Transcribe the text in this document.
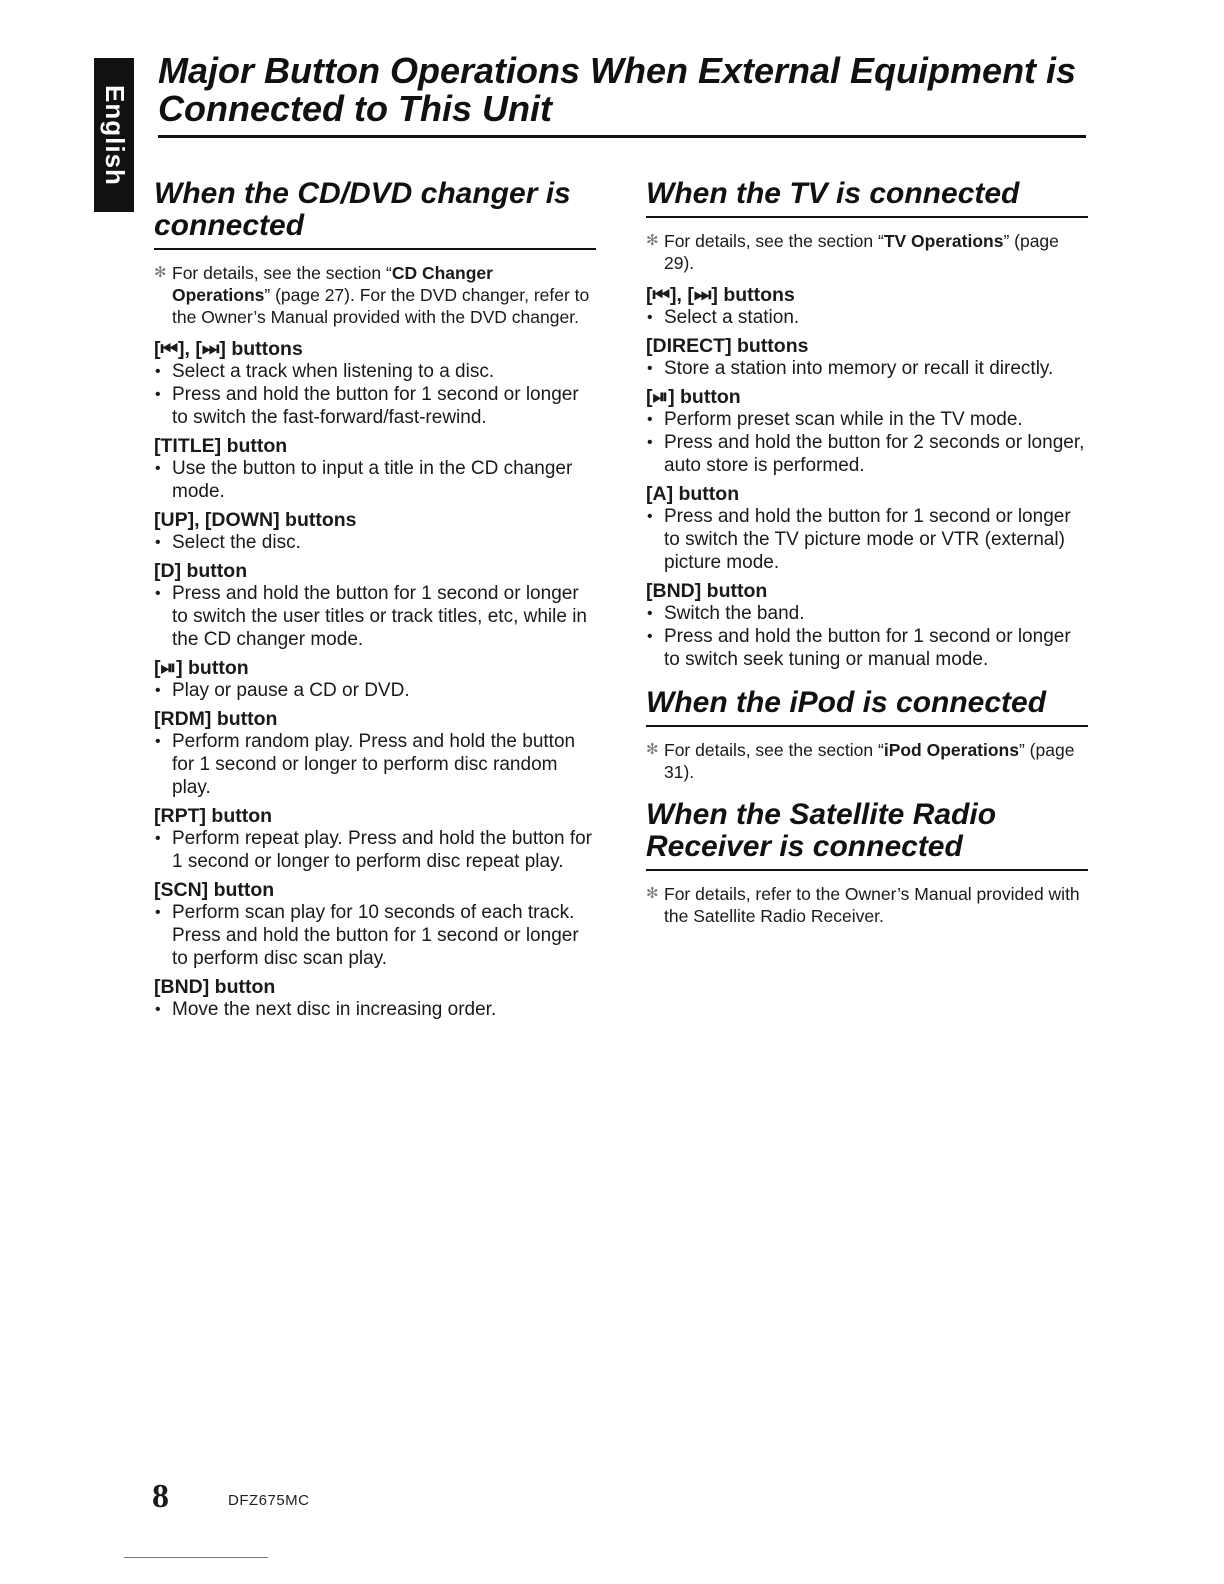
English
Major Button Operations When External Equipment is Connected to This Unit
When the CD/DVD changer is connected

✻ For details, see the section “CD Changer Operations” (page 27). For the DVD changer, refer to the Owner’s Manual provided with the DVD changer.

[⏮], [⏭] buttons
• Select a track when listening to a disc.
• Press and hold the button for 1 second or longer to switch the fast-forward/fast-rewind.
[TITLE] button
• Use the button to input a title in the CD changer mode.
[UP], [DOWN] buttons
• Select the disc.
[D] button
• Press and hold the button for 1 second or longer to switch the user titles or track titles, etc, while in the CD changer mode.
[⏯] button
• Play or pause a CD or DVD.
[RDM] button
• Perform random play. Press and hold the button for 1 second or longer to perform disc random play.
[RPT] button
• Perform repeat play. Press and hold the button for 1 second or longer to perform disc repeat play.
[SCN] button
• Perform scan play for 10 seconds of each track. Press and hold the button for 1 second or longer to perform disc scan play.
[BND] button
• Move the next disc in increasing order.
When the TV is connected

✻ For details, see the section “TV Operations” (page 29).

[⏮], [⏭] buttons
• Select a station.
[DIRECT] buttons
• Store a station into memory or recall it directly.
[⏯] button
• Perform preset scan while in the TV mode.
• Press and hold the button for 2 seconds or longer, auto store is performed.
[A] button
• Press and hold the button for 1 second or longer to switch the TV picture mode or VTR (external) picture mode.
[BND] button
• Switch the band.
• Press and hold the button for 1 second or longer to switch seek tuning or manual mode.
When the iPod is connected

✻ For details, see the section “iPod Operations” (page 31).

When the Satellite Radio Receiver is connected

✻ For details, refer to the Owner’s Manual provided with the Satellite Radio Receiver.

8	DFZ675MC
